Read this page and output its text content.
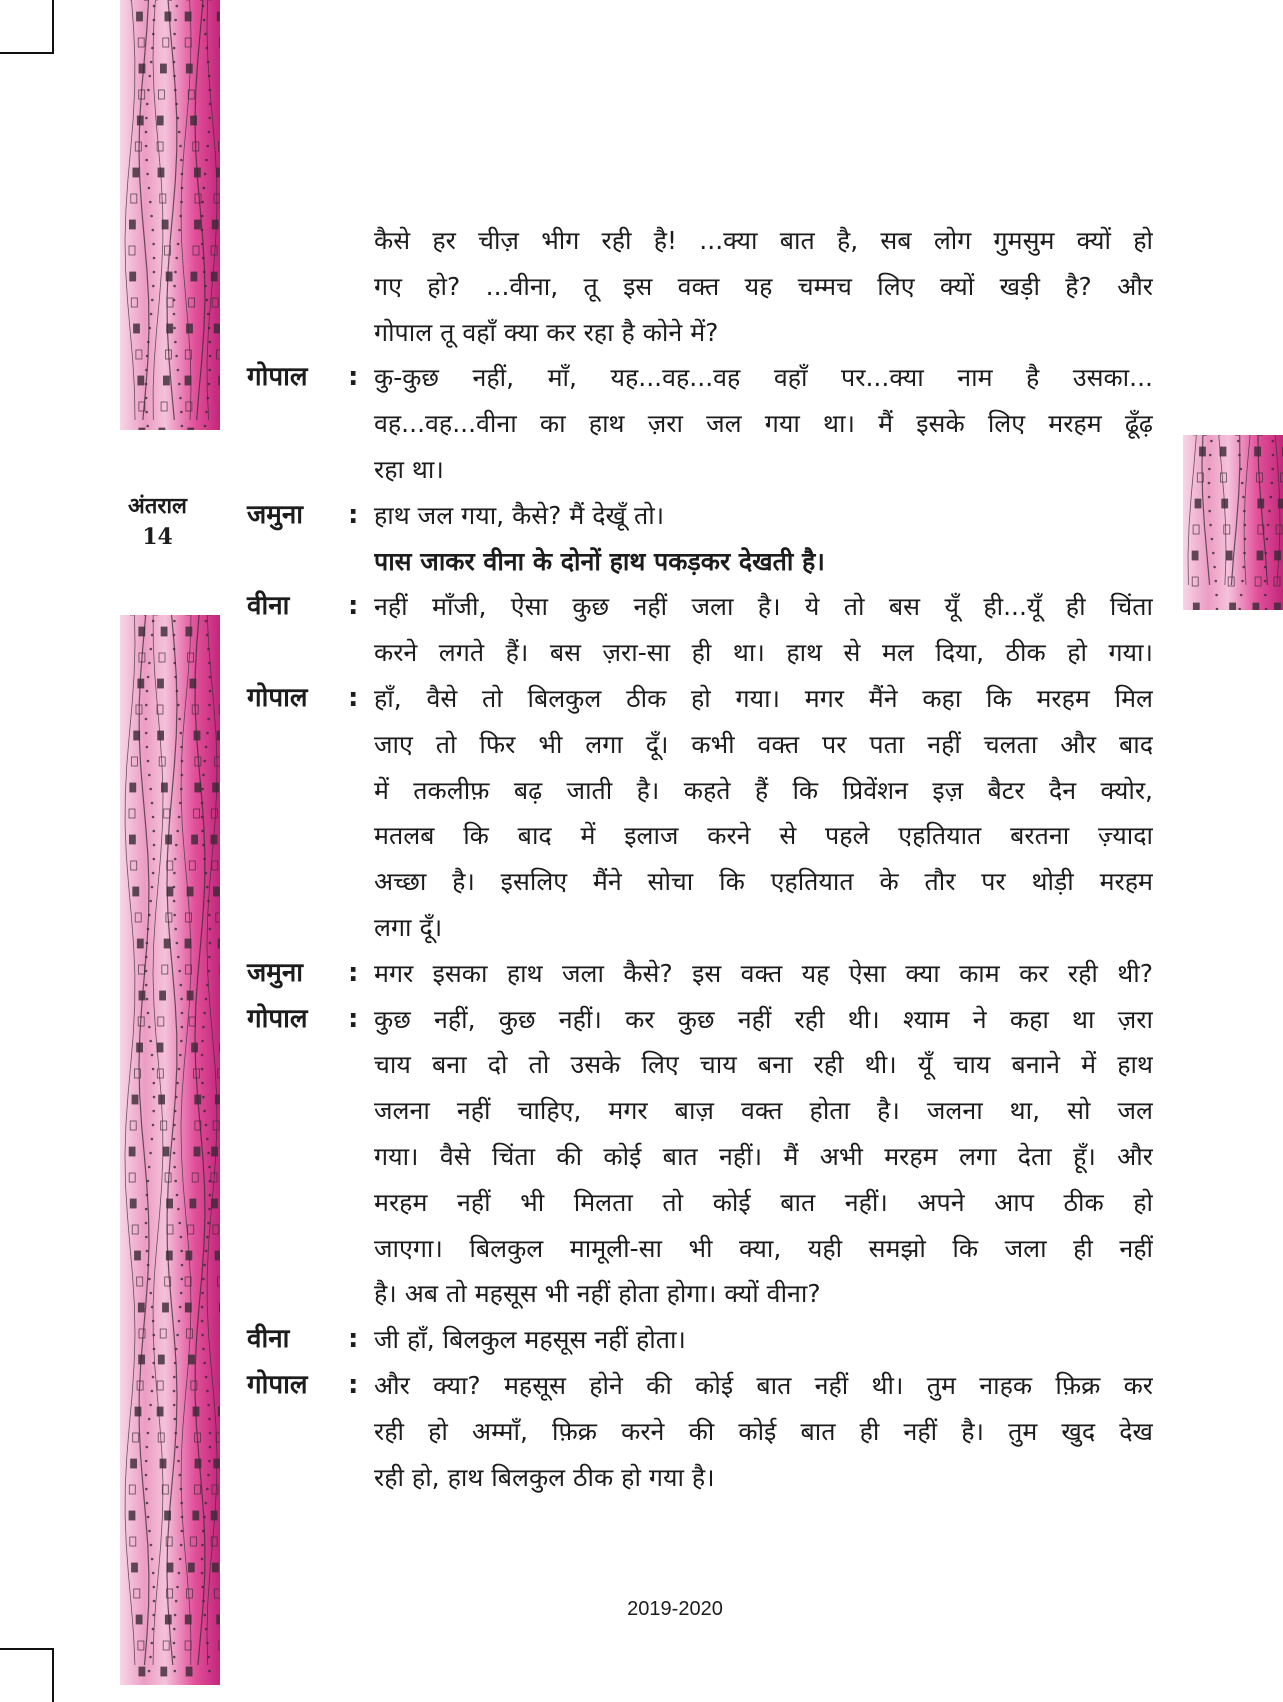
अंतराल
14
कैसे हर चीज़ भीग रही है! ...क्या बात है, सब लोग गुमसुम क्यों हो
गए हो? ...वीना, तू इस वक्त यह चम्मच लिए क्यों खड़ी है? और
गोपाल तू वहाँ क्या कर रहा है कोने में?
गोपाल : कु-कुछ नहीं, माँ, यह...वह...वह वहाँ पर...क्या नाम है उसका...
वह...वह...वीना का हाथ ज़रा जल गया था। मैं इसके लिए मरहम ढूँढ़
रहा था।
जमुना : हाथ जल गया, कैसे? मैं देखूँ तो।
पास जाकर वीना के दोनों हाथ पकड़कर देखती है।
वीना : नहीं माँजी, ऐसा कुछ नहीं जला है। ये तो बस यूँ ही...यूँ ही चिंता
करने लगते हैं। बस ज़रा-सा ही था। हाथ से मल दिया, ठीक हो गया।
गोपाल : हाँ, वैसे तो बिलकुल ठीक हो गया। मगर मैंने कहा कि मरहम मिल
जाए तो फिर भी लगा दूँ। कभी वक्त पर पता नहीं चलता और बाद
में तकलीफ़ बढ़ जाती है। कहते हैं कि प्रिवेंशन इज़ बैटर दैन क्योर,
मतलब कि बाद में इलाज करने से पहले एहतियात बरतना ज़्यादा
अच्छा है। इसलिए मैंने सोचा कि एहतियात के तौर पर थोड़ी मरहम
लगा दूँ।
जमुना : मगर इसका हाथ जला कैसे? इस वक्त यह ऐसा क्या काम कर रही थी?
गोपाल : कुछ नहीं, कुछ नहीं। कर कुछ नहीं रही थी। श्याम ने कहा था ज़रा
चाय बना दो तो उसके लिए चाय बना रही थी। यूँ चाय बनाने में हाथ
जलना नहीं चाहिए, मगर बाज़ वक्त होता है। जलना था, सो जल
गया। वैसे चिंता की कोई बात नहीं। मैं अभी मरहम लगा देता हूँ। और
मरहम नहीं भी मिलता तो कोई बात नहीं। अपने आप ठीक हो
जाएगा। बिलकुल मामूली-सा भी क्या, यही समझो कि जला ही नहीं
है। अब तो महसूस भी नहीं होता होगा। क्यों वीना?
वीना : जी हाँ, बिलकुल महसूस नहीं होता।
गोपाल : और क्या? महसूस होने की कोई बात नहीं थी। तुम नाहक फ़िक्र कर
रही हो अम्माँ, फ़िक्र करने की कोई बात ही नहीं है। तुम खुद देख
रही हो, हाथ बिलकुल ठीक हो गया है।
2019-2020
